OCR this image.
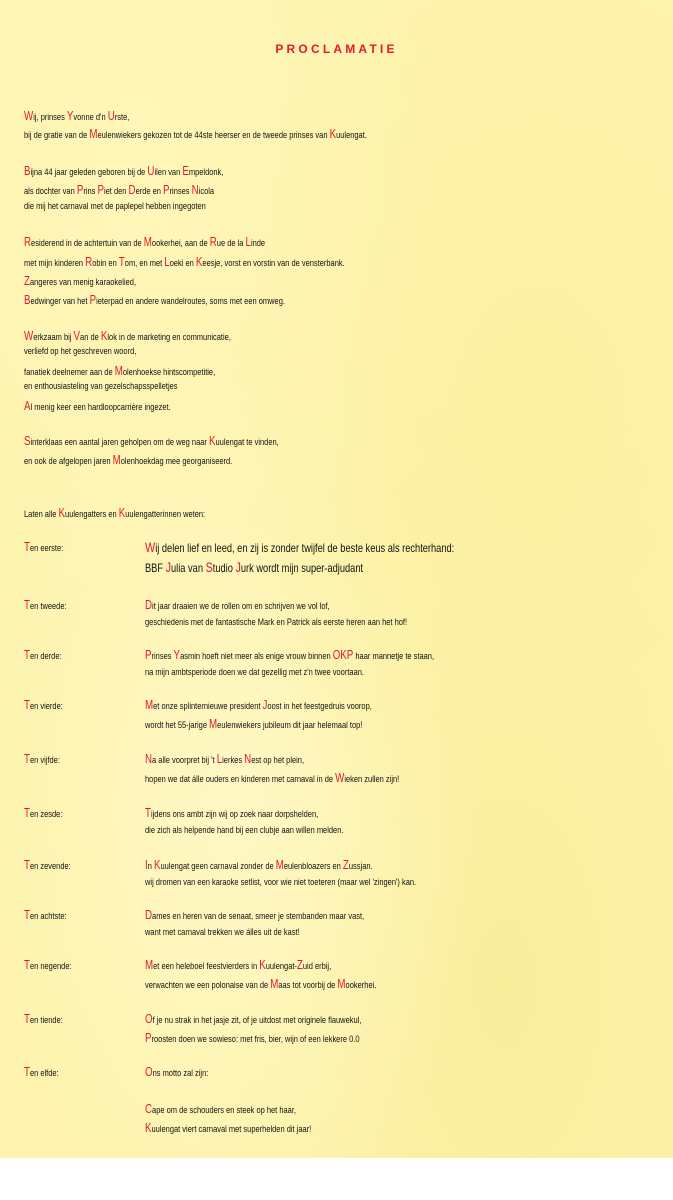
PROCLAMATIE
Wij, prinses Yvonne d'n Urste,
bij de gratie van de Meulenwiekers gekozen tot de 44ste heerser en de tweede prinses van Kuulengat.
Bijna 44 jaar geleden geboren bij de Uilen van Empeldonk,
als dochter van Prins Piet den Derde en Prinses Nicola
die mij het carnaval met de paplepel hebben ingegoten
Residerend in de achtertuin van de Mookerhei, aan de Rue de la Linde
met mijn kinderen Robin en Tom, en met Loeki en Keesje, vorst en vorstin van de vensterbank.
Zangeres van menig karaokelied,
Bedwinger van het Pieterpad en andere wandelroutes, soms met een omweg.
Werkzaam bij Van de Klok in de marketing en communicatie,
verliefd op het geschreven woord,
fanatiek deelnemer aan de Molenhoekse hintscompetitie,
en enthousiasteling van gezelschapsspelletjes
Al menig keer een hardloopcarrière ingezet.
Sinterklaas een aantal jaren geholpen om de weg naar Kuulengat te vinden,
en ook de afgelopen jaren Molenhoekdag mee georganiseerd.
Laten alle Kuulengatters en Kuulengatterinnen weten:
Ten eerste:	Wij delen lief en leed, en zij is zonder twijfel de beste keus als rechterhand:
BBF Julia van Studio Jurk wordt mijn super-adjudant
Ten tweede:	Dit jaar draaien we de rollen om en schrijven we vol lof,
geschiedenis met de fantastische Mark en Patrick als eerste heren aan het hof!
Ten derde:	Prinses Yasmin hoeft niet meer als enige vrouw binnen OKP haar mannetje te staan,
na mijn ambtsperiode doen we dat gezellig met z'n twee voortaan.
Ten vierde:	Met onze splinternieuwe president Joost in het feestgedruis voorop,
wordt het 55-jarige Meulenwiekers jubileum dit jaar helemaal top!
Ten vijfde:	Na alle voorpret bij 't Lierkes Nest op het plein,
hopen we dat álle ouders en kinderen met carnaval in de Wieken zullen zijn!
Ten zesde:	Tijdens ons ambt zijn wij op zoek naar dorpshelden,
die zich als helpende hand bij een clubje aan willen melden.
Ten zevende:	In Kuulengat geen carnaval zonder de Meulenbloazers en Zussjan.
wij dromen van een karaoke setlist, voor wie niet toeteren (maar wel 'zingen') kan.
Ten achtste:	Dames en heren van de senaat, smeer je stembanden maar vast,
want met carnaval trekken we álles uit de kast!
Ten negende:	Met een heleboel feestvierders in Kuulengat-Zuid erbij,
verwachten we een polonaise van de Maas tot voorbij de Mookerhei.
Ten tiende:	Of je nu strak in het jasje zit, of je uitdost met originele flauwekul,
Proosten doen we sowieso: met fris, bier, wijn of een lekkere 0.0
Ten elfde:	Ons motto zal zijn:
Cape om de schouders en steek op het haar,
Kuulengat viert carnaval met superhelden dit jaar!
